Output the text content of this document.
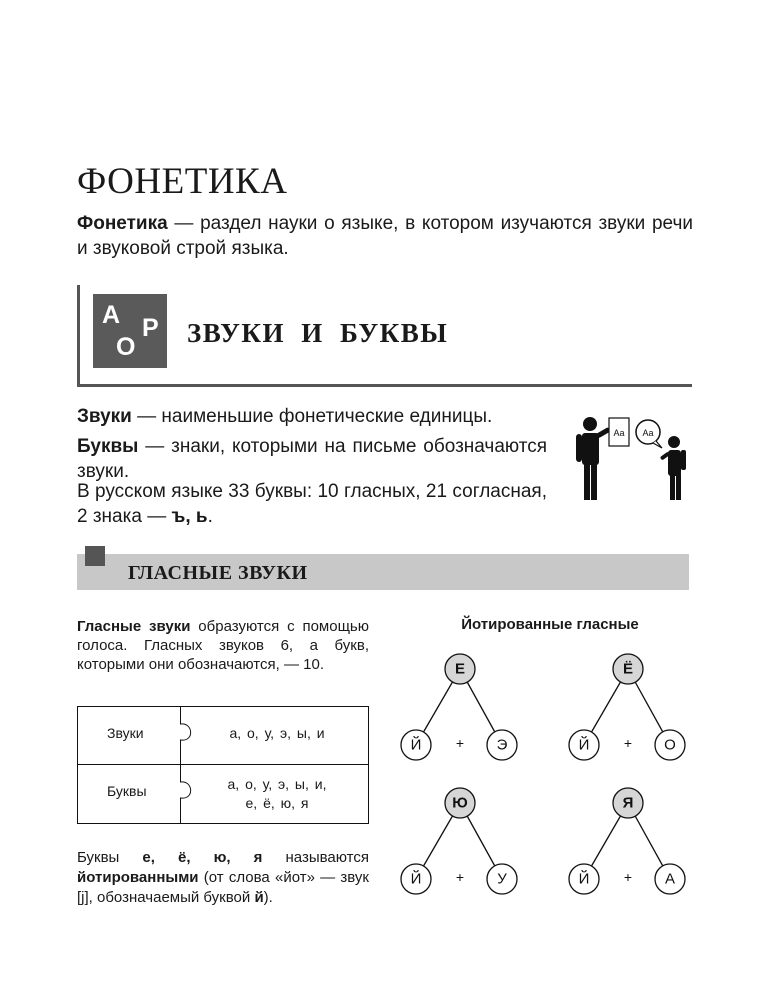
ФОНЕТИКА
Фонетика — раздел науки о языке, в котором изучаются звуки речи и звуковой строй языка.
А Р
О ЗВУКИ И БУКВЫ
Звуки — наименьшие фонетические единицы.
Буквы — знаки, которыми на письме обозначаются звуки.
В русском языке 33 буквы: 10 гласных, 21 согласная, 2 знака — ъ, ь.
Аа Аа
ГЛАСНЫЕ ЗВУКИ
Гласные звуки образуются с помощью голоса. Гласных звуков 6, а букв, которыми они обозначаются, — 10.
Звуки	а, о, у, э, ы, и
Буквы	а, о, у, э, ы, и,
е, ё, ю, я
Буквы е, ё, ю, я называются йотированными (от слова «йот» — звук [j], обозначаемый буквой й).
Йотированные гласные
Е
Й	Э
+
Ё
Й	О
+
Ю
Й	У
+
Я
Й	А
+
